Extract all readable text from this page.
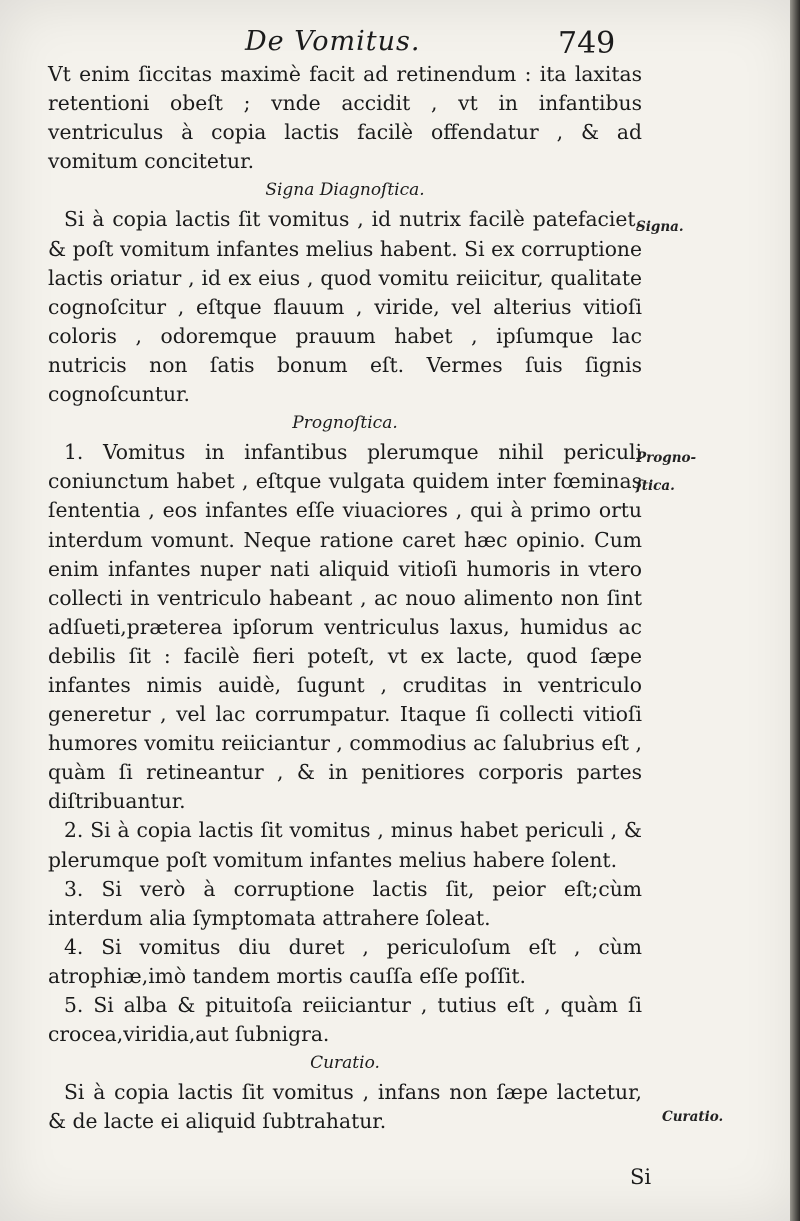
De Vomitus.	749

Vt enim ſiccitas maximè facit ad retinendum : ita laxitas retentioni obeſt ; vnde accidit , vt in infantibus ventriculus à copia lactis facilè offendatur , & ad vomitum concitetur.

Signa Diagnoſtica.

Si à copia lactis ſit vomitus , id nutrix facilè patefaciet, & poſt vomitum infantes melius habent. Si ex corruptione lactis oriatur , id ex eius , quod vomitu reiicitur, qualitate cognoſcitur , eſtque flauum , viride, vel alterius vitioſi coloris , odoremque prauum habet , ipſumque lac nutricis non ſatis bonum eſt. Vermes ſuis ſignis cognoſcuntur.

Prognoſtica.

1. Vomitus in infantibus plerumque nihil periculi coniunctum habet , eſtque vulgata quidem inter fœminas ſententia , eos infantes eſſe viuaciores , qui à primo ortu interdum vomunt. Neque ratione caret hæc opinio. Cum enim infantes nuper nati aliquid vitioſi humoris in vtero collecti in ventriculo habeant , ac nouo alimento non ſint adſueti,præterea ipſorum ventriculus laxus, humidus ac debilis ſit : facilè fieri poteſt, vt ex lacte, quod ſæpe infantes nimis auidè, ſugunt , cruditas in ventriculo generetur , vel lac corrumpatur. Itaque ſi collecti vitioſi humores vomitu reiiciantur , commodius ac ſalubrius eſt , quàm ſi retineantur , & in penitiores corporis partes diſtribuantur.

2. Si à copia lactis ſit vomitus , minus habet periculi , & plerumque poſt vomitum infantes melius habere ſolent.

3. Si verò à corruptione lactis ſit, peior eſt;cùm interdum alia ſymptomata attrahere ſoleat.

4. Si vomitus diu duret , periculoſum eſt , cùm atrophiæ,imò tandem mortis cauſſa eſſe poſſit.

5. Si alba & pituitoſa reiiciantur , tutius eſt , quàm ſi crocea,viridia,aut ſubnigra.

Curatio.

Si à copia lactis ſit vomitus , infans non ſæpe lactetur, & de lacte ei aliquid ſubtrahatur.

Signa.
Progno-
ſtica.
Curatio.
Si
